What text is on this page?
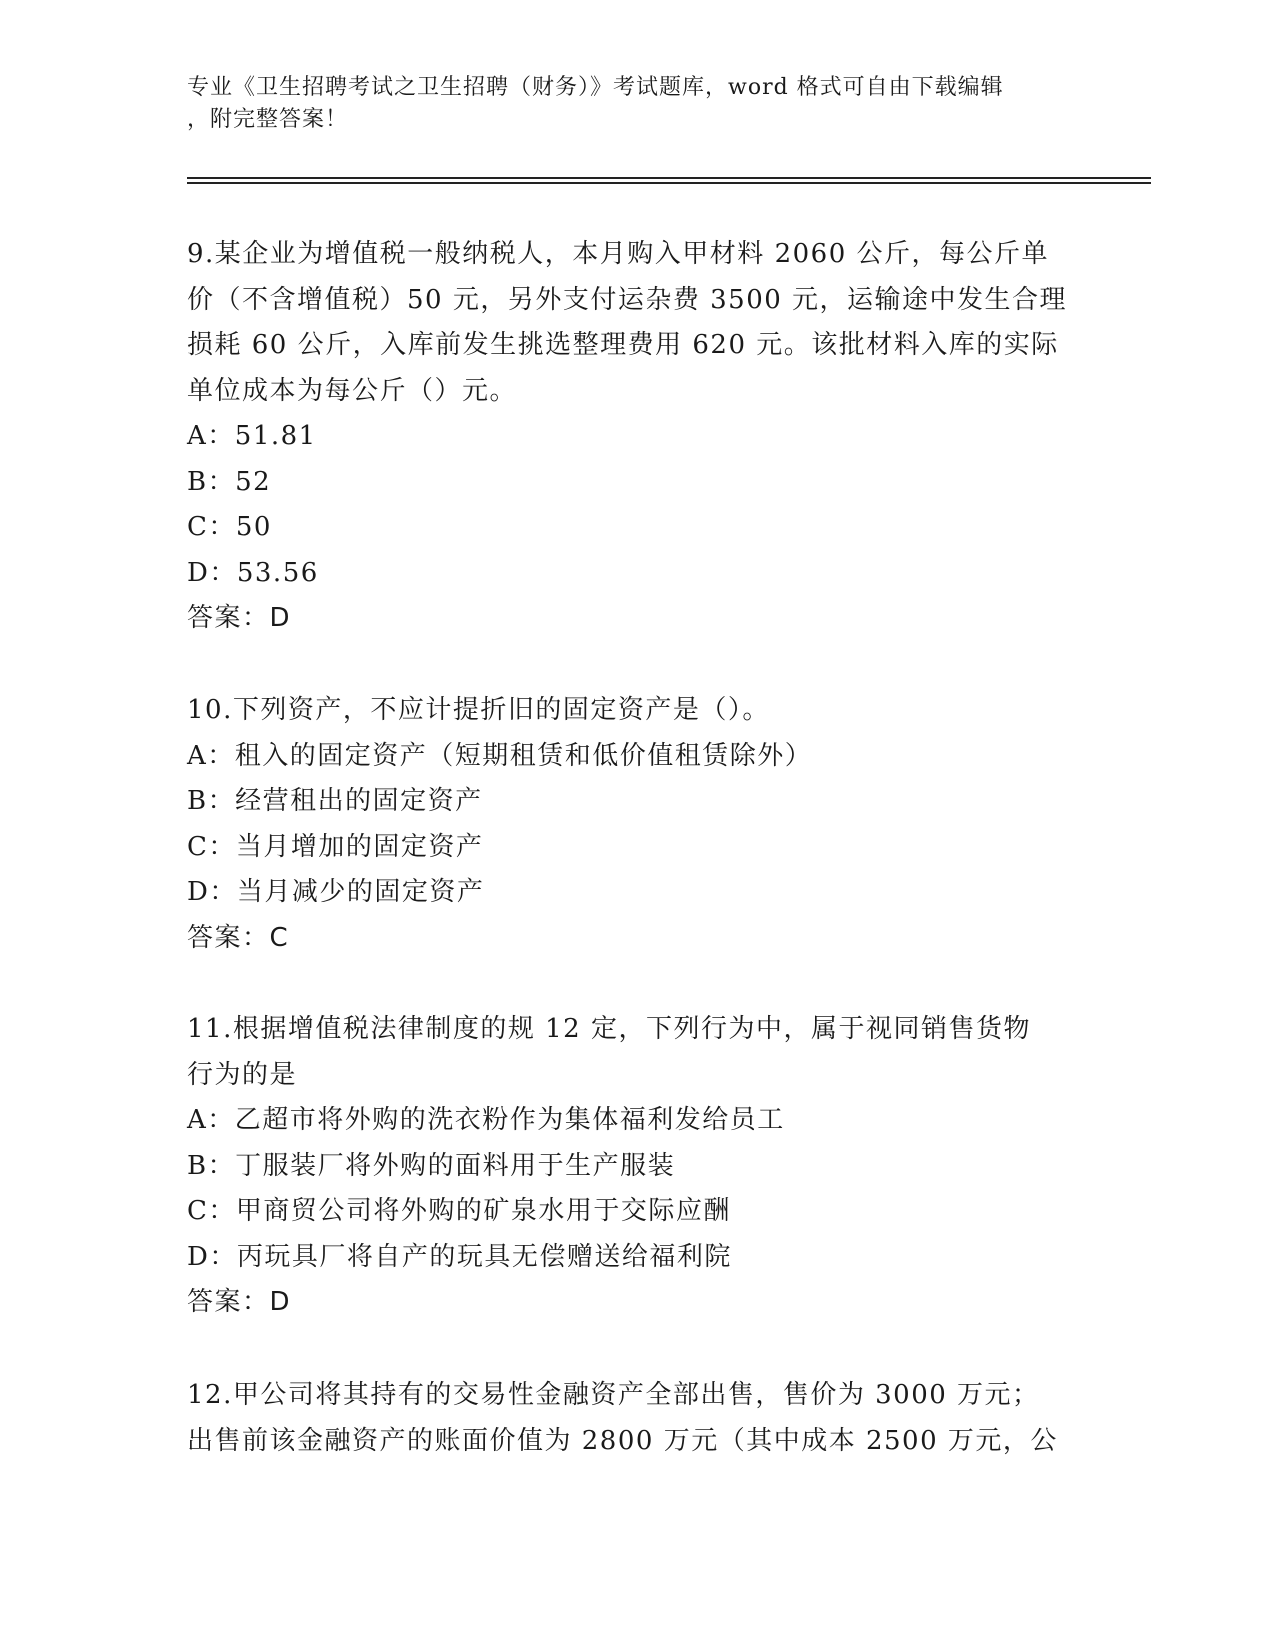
专业《卫生招聘考试之卫生招聘（财务）》考试题库，word 格式可自由下载编辑
，附完整答案！

9.某企业为增值税一般纳税人，本月购入甲材料 2060 公斤，每公斤单

价（不含增值税）50 元，另外支付运杂费 3500 元，运输途中发生合理

损耗 60 公斤，入库前发生挑选整理费用 620 元。该批材料入库的实际

单位成本为每公斤（）元。

A：51.81

B：52

C：50

D：53.56

答案：D

10.下列资产，不应计提折旧的固定资产是（）。

A：租入的固定资产（短期租赁和低价值租赁除外）

B：经营租出的固定资产

C：当月增加的固定资产

D：当月减少的固定资产

答案：C

11.根据增值税法律制度的规 12 定，下列行为中，属于视同销售货物

行为的是

A：乙超市将外购的洗衣粉作为集体福利发给员工

B：丁服装厂将外购的面料用于生产服装

C：甲商贸公司将外购的矿泉水用于交际应酬

D：丙玩具厂将自产的玩具无偿赠送给福利院

答案：D

12.甲公司将其持有的交易性金融资产全部出售，售价为 3000 万元；

出售前该金融资产的账面价值为 2800 万元（其中成本 2500 万元，公
